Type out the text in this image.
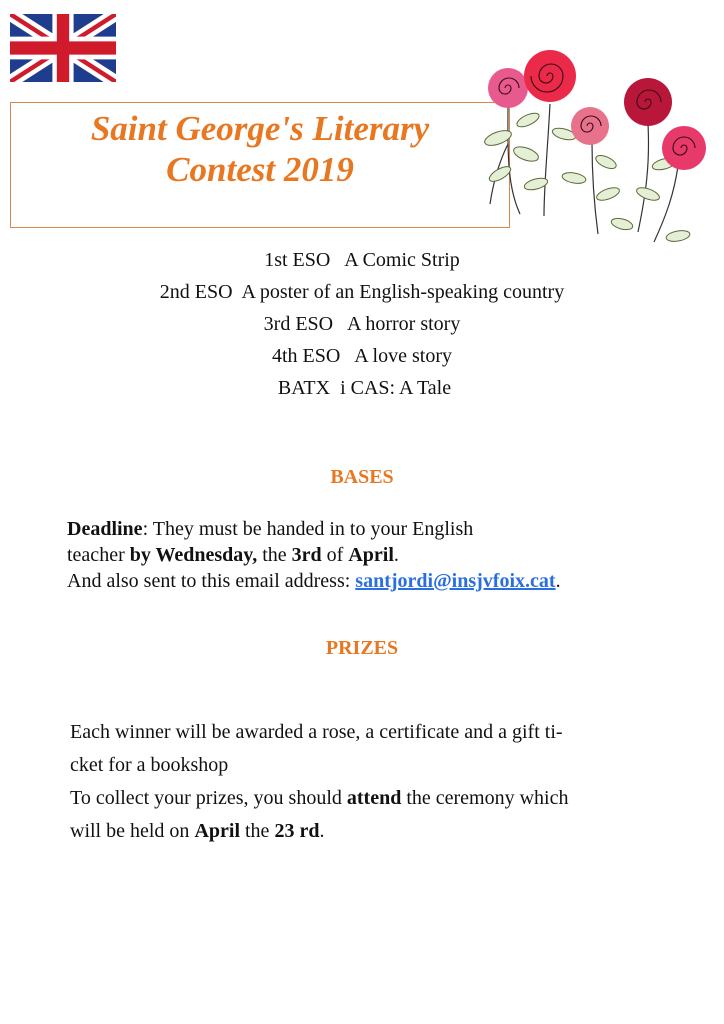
Saint George's Literary
Contest 2019
1st ESO   A Comic Strip
2nd ESO  A poster of an English-speaking country
3rd ESO   A horror story
4th ESO   A love story
BATX  i CAS: A Tale
BASES
Deadline: They must be handed in to your English
teacher by Wednesday, the 3rd of April.
And also sent to this email address: santjordi@insjvfoix.cat.
PRIZES
Each winner will be awarded a rose, a certificate and a gift ti-
cket for a bookshop
To collect your prizes, you should attend the ceremony which
will be held on April the 23 rd.
